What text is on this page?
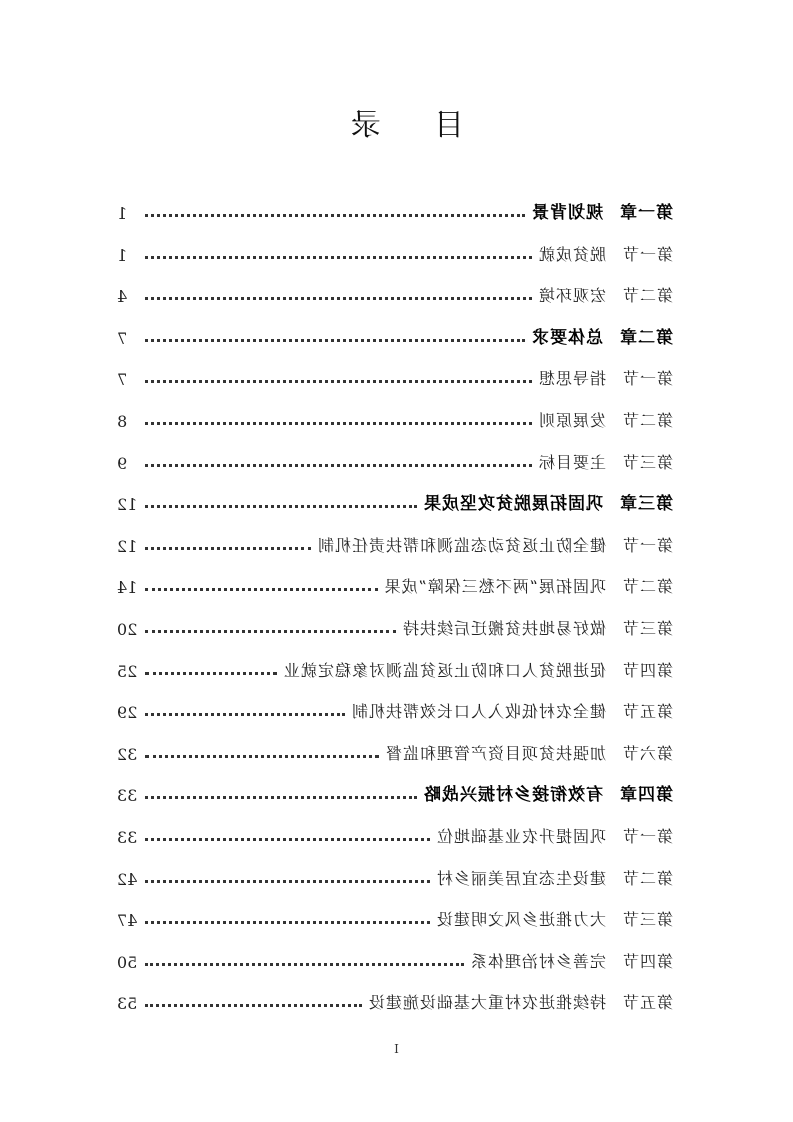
目 录
第一章规划背景
1
第一节脱贫成就
1
第二节宏观环境
4
第二章总体要求
7
第一节指导思想
7
第二节发展原则
8
第三节主要目标
9
第三章巩固拓展脱贫攻坚成果
12
第一节健全防止返贫动态监测和帮扶责任机制
12
第二节巩固拓展“两不愁三保障”成果
14
第三节做好易地扶贫搬迁后续扶持
20
第四节促进脱贫人口和防止返贫监测对象稳定就业
25
第五节健全农村低收入人口长效帮扶机制
29
第六节加强扶贫项目资产管理和监督
32
第四章有效衔接乡村振兴战略
33
第一节巩固提升农业基础地位
33
第二节建设生态宜居美丽乡村
42
第三节大力推进乡风文明建设
47
第四节完善乡村治理体系
50
第五节持续推进农村重大基础设施建设
53
I
